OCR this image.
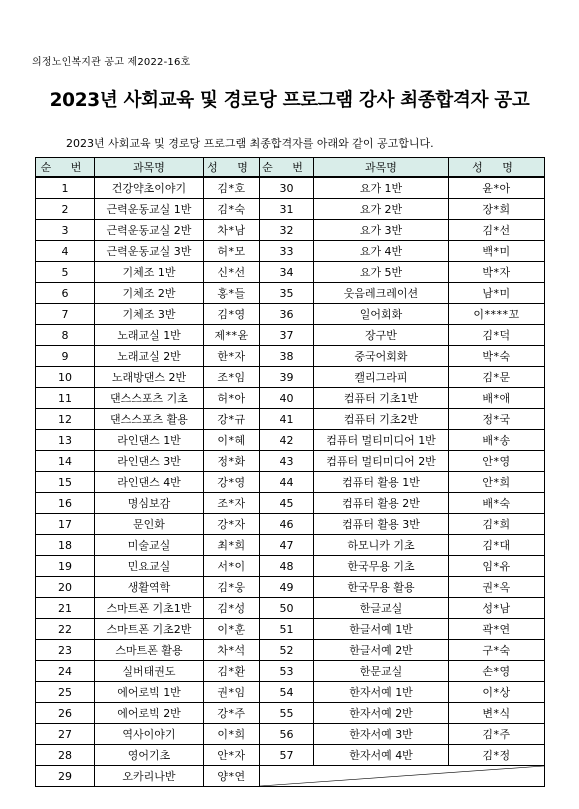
의정노인복지관 공고 제2022-16호
2023년 사회교육 및 경로당 프로그램 강사 최종합격자 공고
2023년 사회교육 및 경로당 프로그램 최종합격자를 아래와 같이 공고합니다.
순 번	과목명	성 명	순 번	과목명	성 명
1	건강약초이야기	김*호	30	요가 1반	윤*아
2	근력운동교실 1반	김*숙	31	요가 2반	장*희
3	근력운동교실 2반	차*남	32	요가 3반	김*선
4	근력운동교실 3반	허*모	33	요가 4반	백*미
5	기체조 1반	신*선	34	요가 5반	박*자
6	기체조 2반	홍*들	35	웃음레크레이션	남*미
7	기체조 3반	김*영	36	일어회화	이****꼬
8	노래교실 1반	제**윤	37	장구반	김*덕
9	노래교실 2반	한*자	38	중국어회화	박*숙
10	노래방댄스 2반	조*임	39	캘리그라피	김*문
11	댄스스포츠 기초	허*아	40	컴퓨터 기초1반	배*애
12	댄스스포츠 활용	강*규	41	컴퓨터 기초2반	정*국
13	라인댄스 1반	이*혜	42	컴퓨터 멀티미디어 1반	배*송
14	라인댄스 3반	정*화	43	컴퓨터 멀티미디어 2반	안*영
15	라인댄스 4반	강*영	44	컴퓨터 활용 1반	안*희
16	명심보감	조*자	45	컴퓨터 활용 2반	배*숙
17	문인화	강*자	46	컴퓨터 활용 3반	김*희
18	미술교실	최*희	47	하모니카 기초	김*대
19	민요교실	서*이	48	한국무용 기초	임*유
20	생활역학	김*웅	49	한국무용 활용	권*옥
21	스마트폰 기초1반	김*성	50	한글교실	성*남
22	스마트폰 기초2반	이*훈	51	한글서예 1반	곽*연
23	스마트폰 활용	차*석	52	한글서예 2반	구*숙
24	실버태권도	김*환	53	한문교실	손*영
25	에어로빅 1반	권*임	54	한자서예 1반	이*상
26	에어로빅 2반	강*주	55	한자서예 2반	변*식
27	역사이야기	이*희	56	한자서예 3반	김*주
28	영어기초	안*자	57	한자서예 4반	김*정
29	오카리나반	양*연	
